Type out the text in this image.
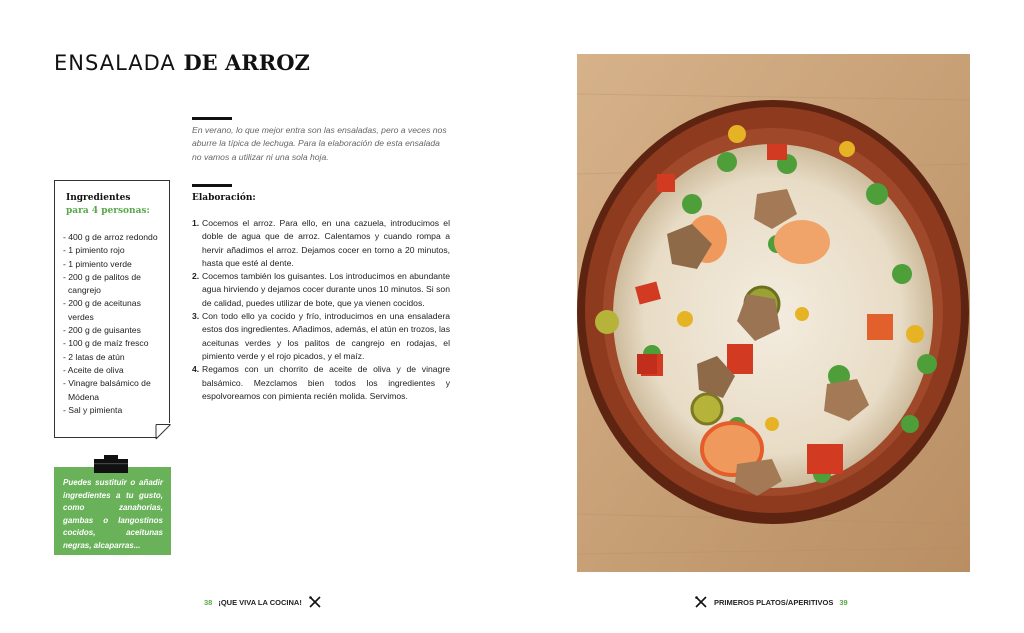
ENSALADA DE ARROZ
En verano, lo que mejor entra son las ensaladas, pero a veces nos aburre la típica de lechuga. Para la elaboración de esta ensalada no vamos a utilizar ni una sola hoja.
Ingredientes
para 4 personas:
- 400 g de arroz redondo
- 1 pimiento rojo
- 1 pimiento verde
- 200 g de palitos de cangrejo
- 200 g de aceitunas verdes
- 200 g de guisantes
- 100 g de maíz fresco
- 2 latas de atún
- Aceite de oliva
- Vinagre balsámico de Módena
- Sal y pimienta
Elaboración:
1. Cocemos el arroz. Para ello, en una cazuela, introducimos el doble de agua que de arroz. Calentamos y cuando rompa a hervir añadimos el arroz. Dejamos cocer en torno a 20 minutos, hasta que esté al dente.
2. Cocemos también los guisantes. Los introducimos en abundante agua hirviendo y dejamos cocer durante unos 10 minutos. Si son de calidad, puedes utilizar de bote, que ya vienen cocidos.
3. Con todo ello ya cocido y frío, introducimos en una ensaladera estos dos ingredientes. Añadimos, además, el atún en trozos, las aceitunas verdes y los palitos de cangrejo en rodajas, el pimiento verde y el rojo picados, y el maíz.
4. Regamos con un chorrito de aceite de oliva y de vinagre balsámico. Mezclamos bien todos los ingredientes y espolvoreamos con pimienta recién molida. Servimos.
Puedes sustituir o añadir ingredientes a tu gusto, como zanahorias, gambas o langostinos cocidos, aceitunas negras, alcaparras...
38 ¡QUE VIVA LA COCINA!	PRIMEROS PLATOS/APERITIVOS 39
